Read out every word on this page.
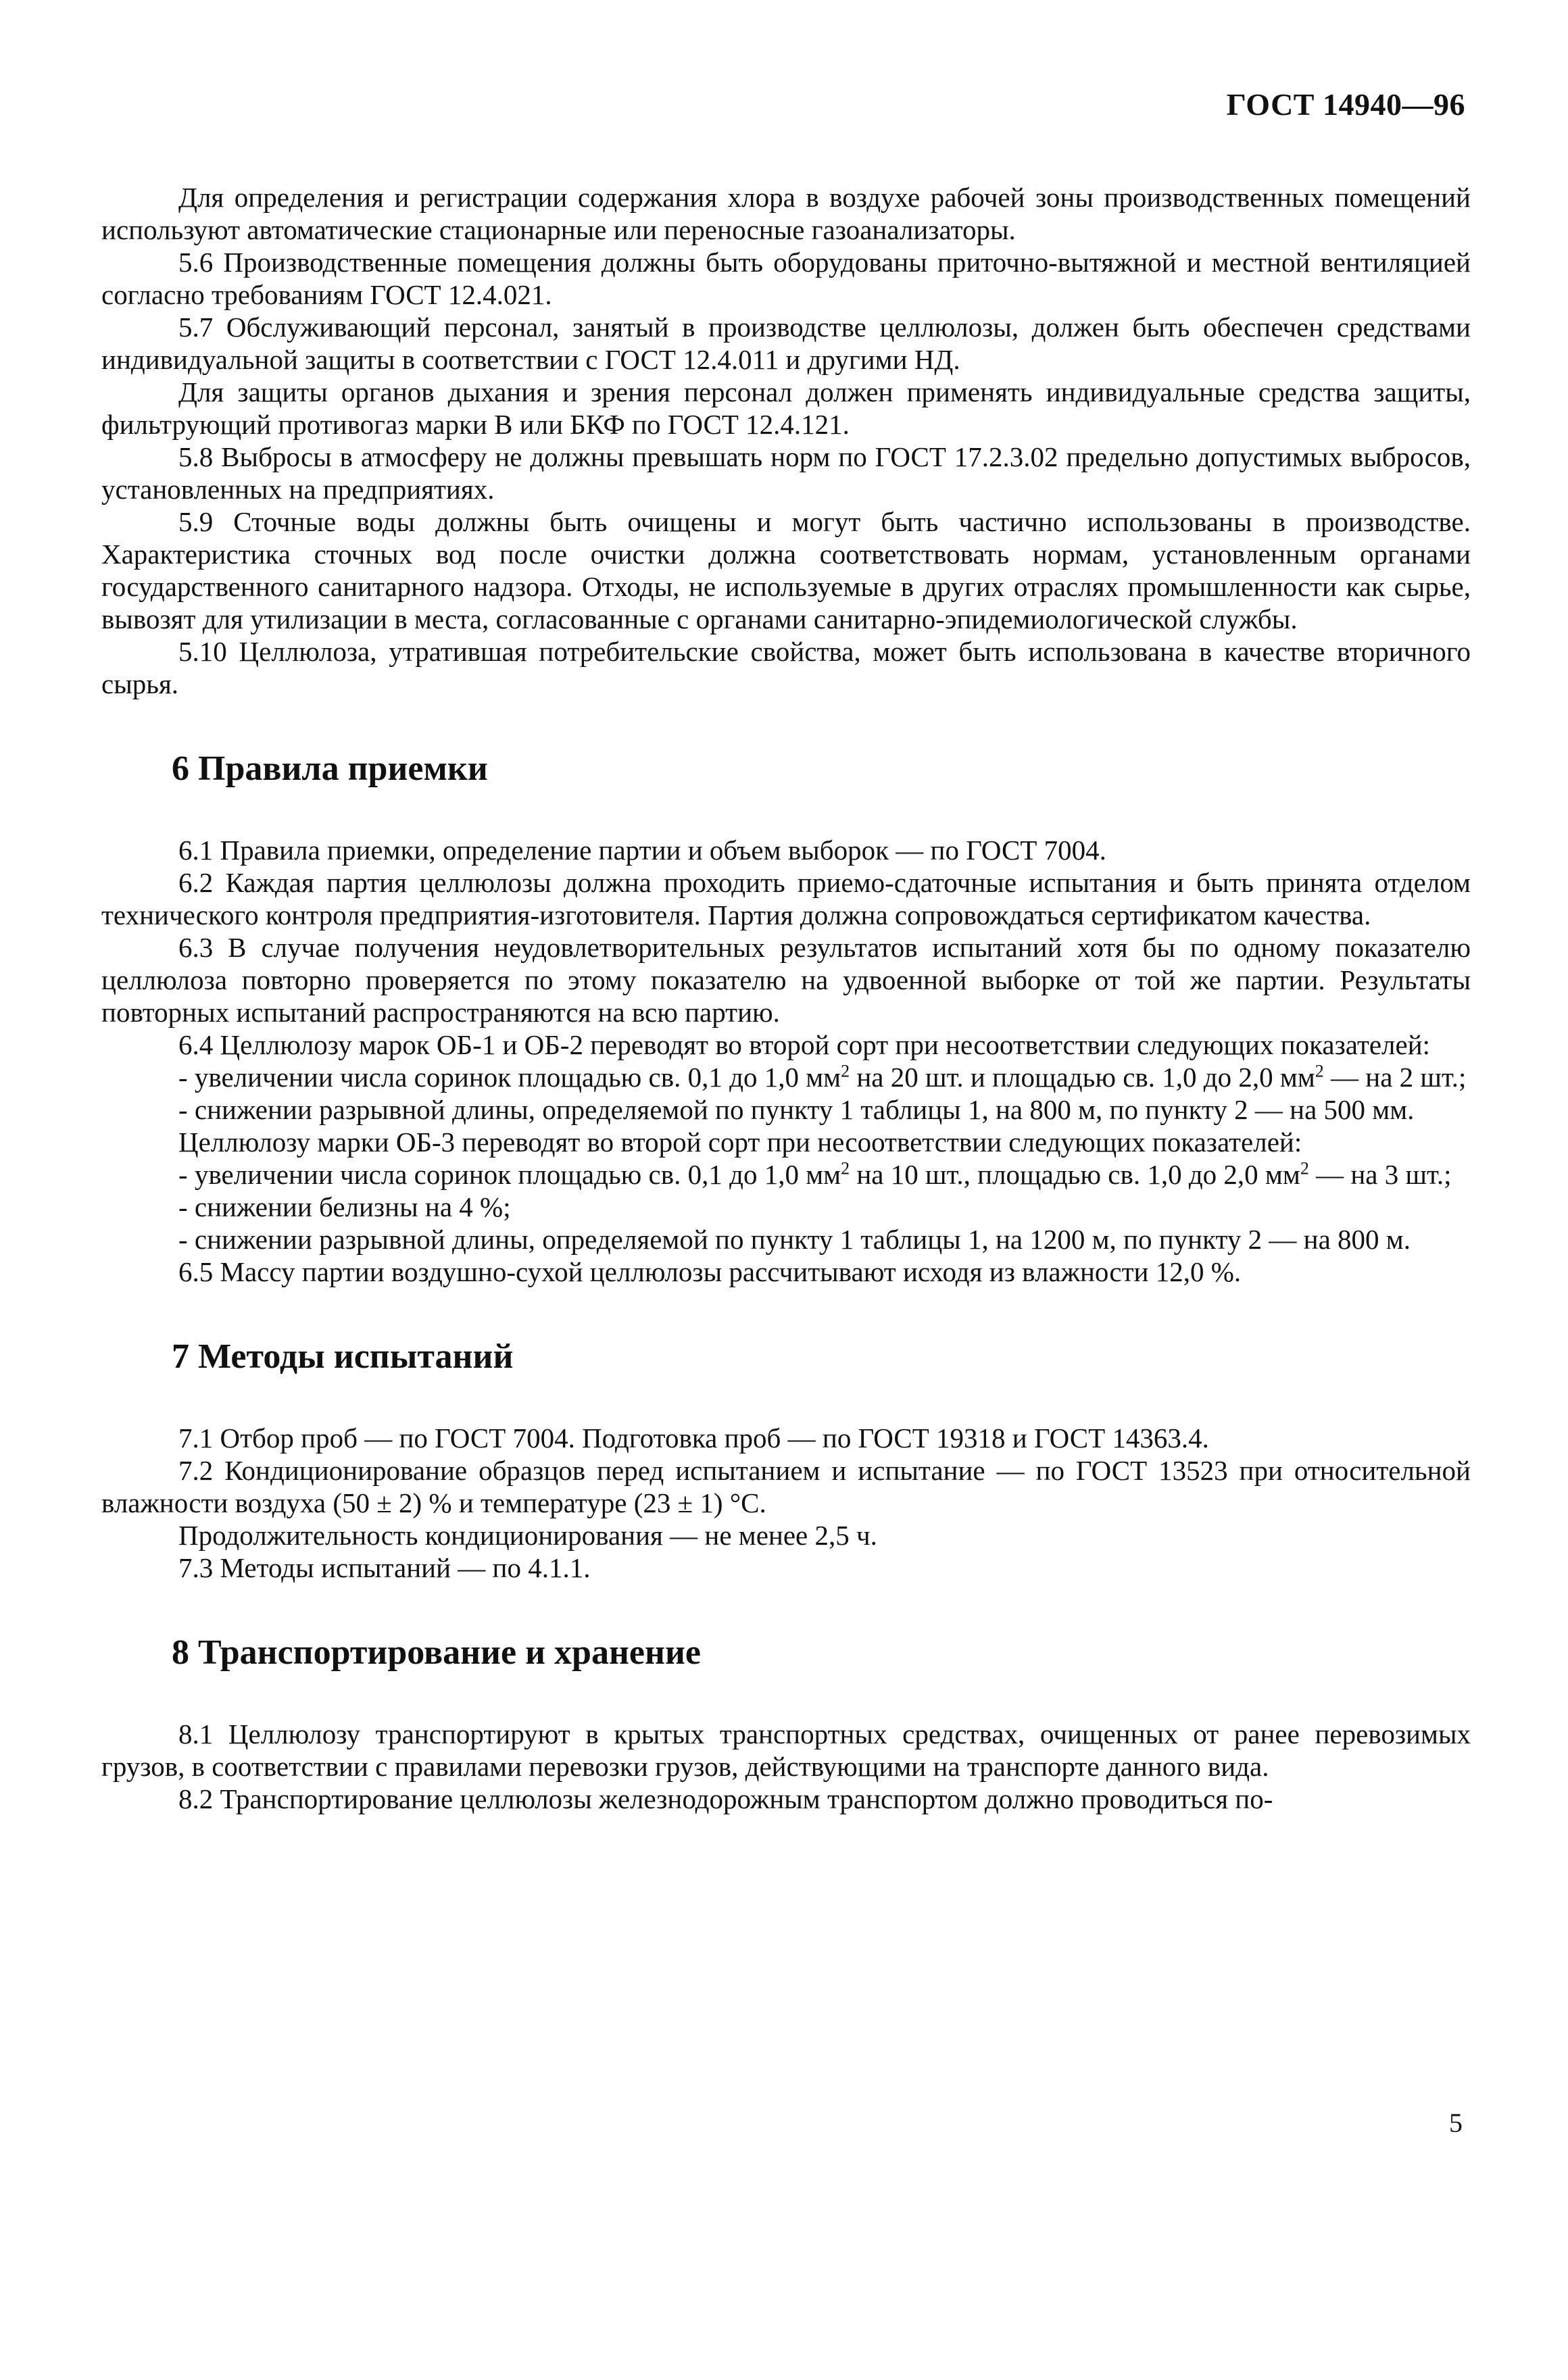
ГОСТ 14940—96

Для определения и регистрации содержания хлора в воздухе рабочей зоны производственных помещений используют автоматические стационарные или переносные газоанализаторы.

5.6 Производственные помещения должны быть оборудованы приточно-вытяжной и местной вентиляцией согласно требованиям ГОСТ 12.4.021.

5.7 Обслуживающий персонал, занятый в производстве целлюлозы, должен быть обеспечен средствами индивидуальной защиты в соответствии с ГОСТ 12.4.011 и другими НД.

Для защиты органов дыхания и зрения персонал должен применять индивидуальные средства защиты, фильтрующий противогаз марки В или БКФ по ГОСТ 12.4.121.

5.8 Выбросы в атмосферу не должны превышать норм по ГОСТ 17.2.3.02 предельно допустимых выбросов, установленных на предприятиях.

5.9 Сточные воды должны быть очищены и могут быть частично использованы в производстве. Характеристика сточных вод после очистки должна соответствовать нормам, установленным органами государственного санитарного надзора. Отходы, не используемые в других отраслях промышленности как сырье, вывозят для утилизации в места, согласованные с органами санитарно-эпидемиологической службы.

5.10 Целлюлоза, утратившая потребительские свойства, может быть использована в качестве вторичного сырья.

6 Правила приемки

6.1 Правила приемки, определение партии и объем выборок — по ГОСТ 7004.

6.2 Каждая партия целлюлозы должна проходить приемо-сдаточные испытания и быть принята отделом технического контроля предприятия-изготовителя. Партия должна сопровождаться сертификатом качества.

6.3 В случае получения неудовлетворительных результатов испытаний хотя бы по одному показателю целлюлоза повторно проверяется по этому показателю на удвоенной выборке от той же партии. Результаты повторных испытаний распространяются на всю партию.

6.4 Целлюлозу марок ОБ-1 и ОБ-2 переводят во второй сорт при несоответствии следующих показателей:

- увеличении числа соринок площадью св. 0,1 до 1,0 $мм^2$ на 20 шт. и площадью св. 1,0 до 2,0 $мм^2$ — на 2 шт.;

- снижении разрывной длины, определяемой по пункту 1 таблицы 1, на 800 м, по пункту 2 — на 500 мм.

Целлюлозу марки ОБ-3 переводят во второй сорт при несоответствии следующих показателей:

- увеличении числа соринок площадью св. 0,1 до 1,0 $мм^2$ на 10 шт., площадью св. 1,0 до 2,0 $мм^2$ — на 3 шт.;

- снижении белизны на 4 %;

- снижении разрывной длины, определяемой по пункту 1 таблицы 1, на 1200 м, по пункту 2 — на 800 м.

6.5 Массу партии воздушно-сухой целлюлозы рассчитывают исходя из влажности 12,0 %.

7 Методы испытаний

7.1 Отбор проб — по ГОСТ 7004. Подготовка проб — по ГОСТ 19318 и ГОСТ 14363.4.

7.2 Кондиционирование образцов перед испытанием и испытание — по ГОСТ 13523 при относительной влажности воздуха (50 ± 2) % и температуре (23 ± 1) °С.

Продолжительность кондиционирования — не менее 2,5 ч.

7.3 Методы испытаний — по 4.1.1.

8 Транспортирование и хранение

8.1 Целлюлозу транспортируют в крытых транспортных средствах, очищенных от ранее перевозимых грузов, в соответствии с правилами перевозки грузов, действующими на транспорте данного вида.

8.2 Транспортирование целлюлозы железнодорожным транспортом должно проводиться по-

5
